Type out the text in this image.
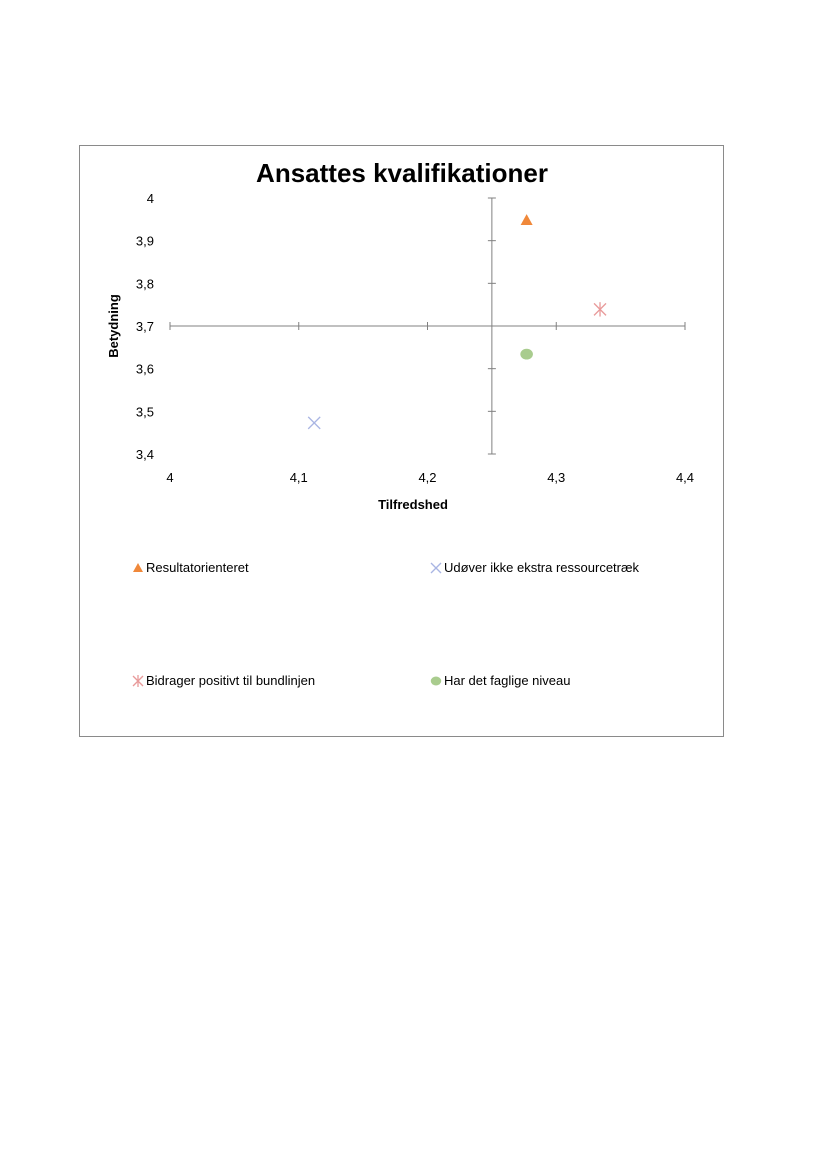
Ansattes kvalifikationer
4	4,1	4,2	4,3	4,4
4
3,9
3,8
3,7
3,6
3,5
3,4
Tilfredshed
Betydning
Resultatorienteret	Udøver ikke ekstra ressourcetræk
Bidrager positivt til bundlinjen	Har det faglige niveau
